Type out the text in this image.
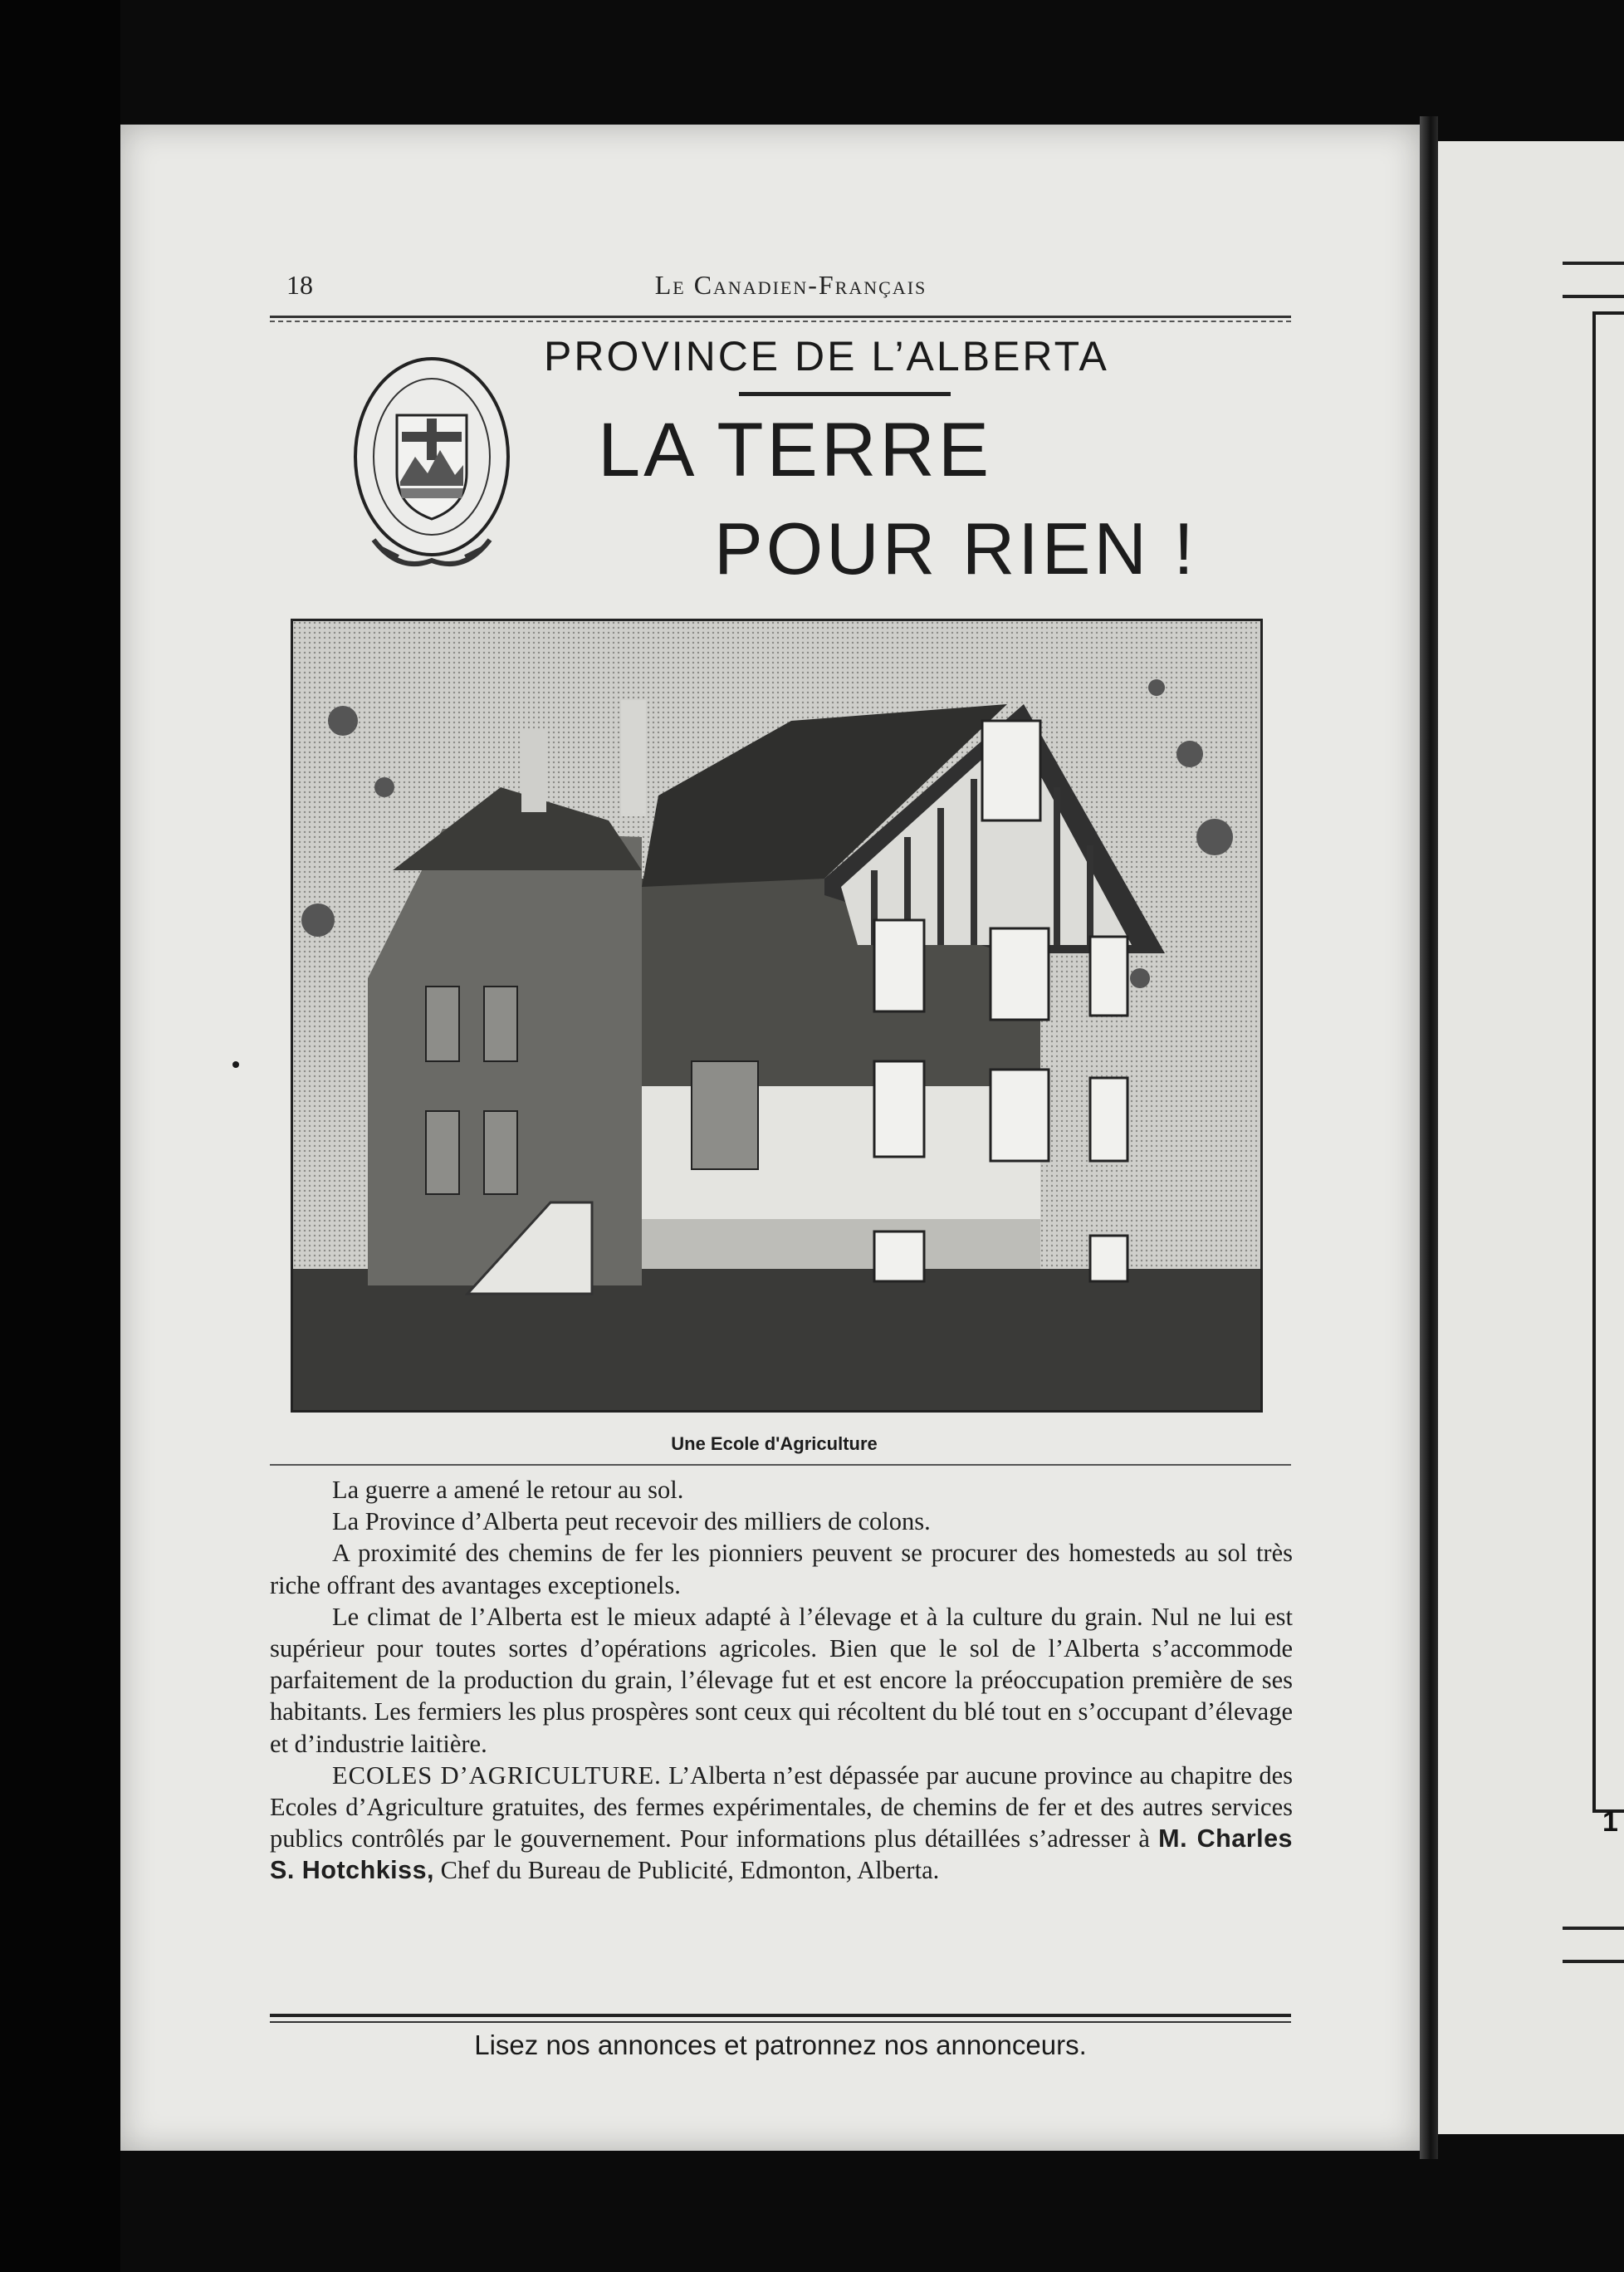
1
18	Le Canadien-Français
PROVINCE DE L’ALBERTA
LA TERRE
POUR RIEN !
Une Ecole d'Agriculture

La guerre a amené le retour au sol.

La Province d’Alberta peut recevoir des milliers de colons.

A proximité des chemins de fer les pionniers peuvent se procurer des homesteds au sol très riche offrant des avantages exceptionels.

Le climat de l’Alberta est le mieux adapté à l’élevage et à la culture du grain. Nul ne lui est supérieur pour toutes sortes d’opérations agricoles. Bien que le sol de l’Alberta s’accommode parfaitement de la production du grain, l’élevage fut et est encore la préoccupation première de ses habitants. Les fermiers les plus prospères sont ceux qui récoltent du blé tout en s’occupant d’élevage et d’industrie laitière.

ECOLES D’AGRICULTURE. L’Alberta n’est dépassée par aucune province au chapitre des Ecoles d’Agriculture gratuites, des fermes expérimentales, de chemins de fer et des autres services publics contrôlés par le gouvernement. Pour informations plus détaillées s’adresser à M. Charles S. Hotchkiss, Chef du Bureau de Publicité, Edmonton, Alberta.

Lisez nos annonces et patronnez nos annonceurs.
